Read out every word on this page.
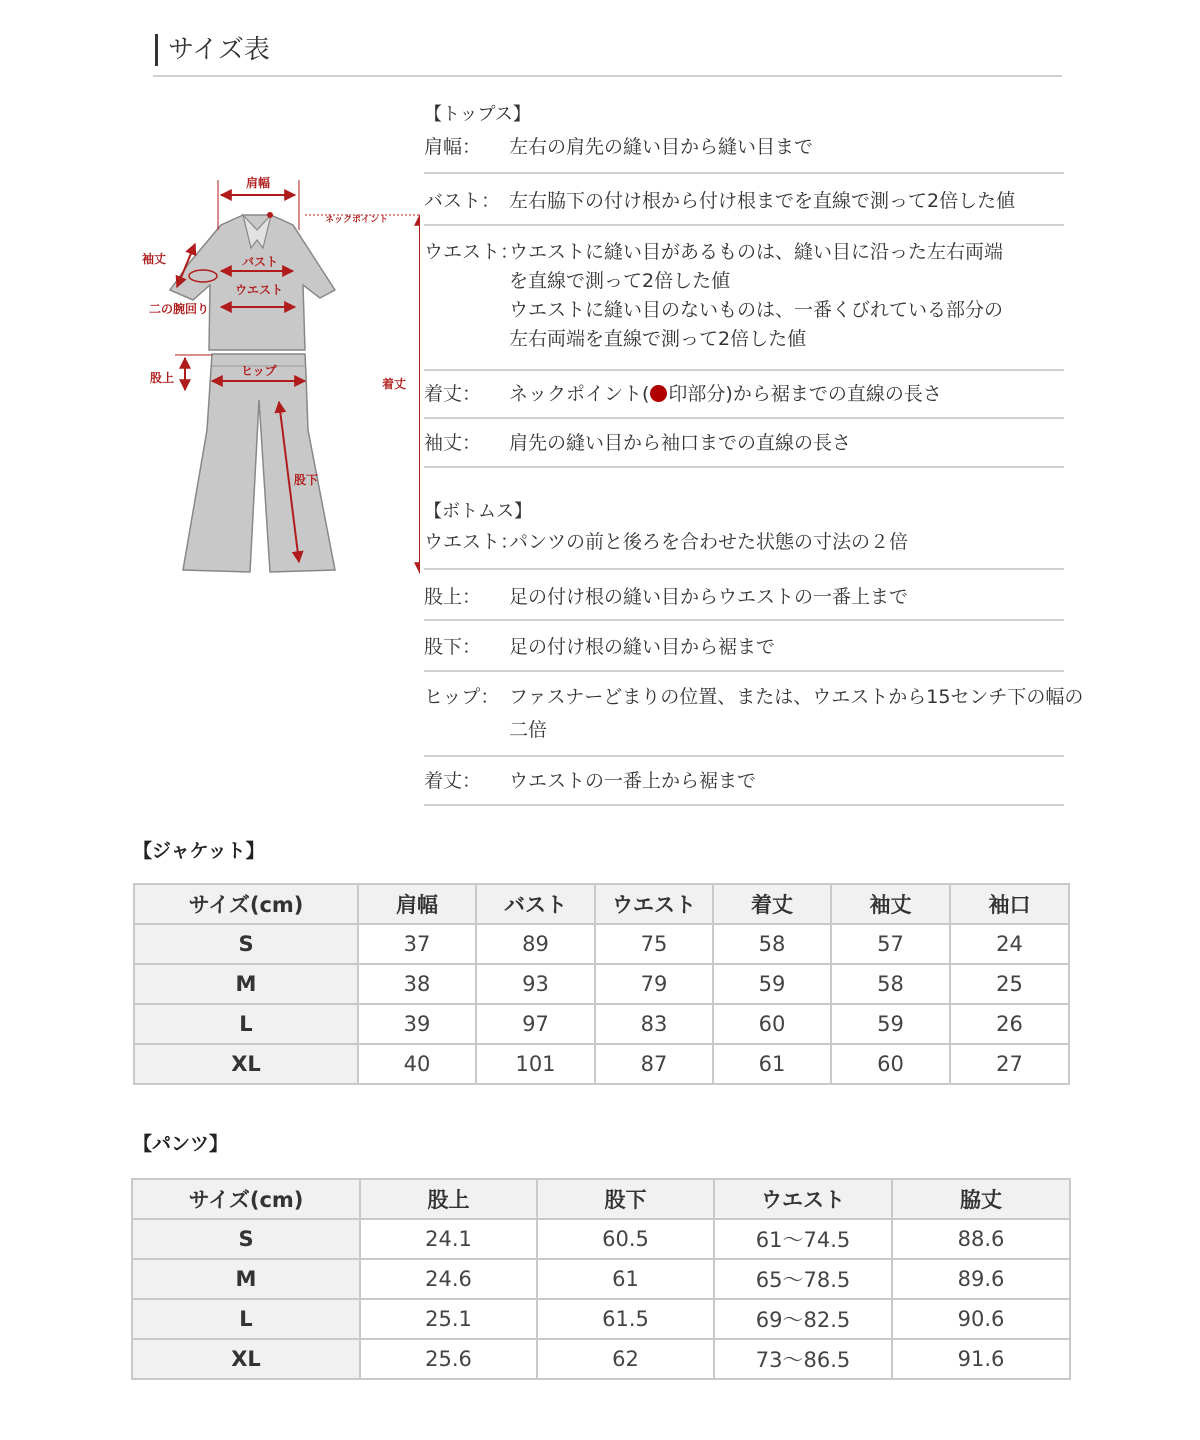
サイズ表
肩幅
ネックポイント
袖丈	バスト
ウエスト
二の腕回り
股上	ヒップ
着丈
股下
【トップス】
肩幅：	左右の肩先の縫い目から縫い目まで
バスト： 左右脇下の付け根から付け根までを直線で測って2倍した値
ウエスト：
ウエストに縫い目があるものは、縫い目に沿った左右両端
を直線で測って2倍した値
ウエストに縫い目のないものは、一番くびれている部分の
左右両端を直線で測って2倍した値
着丈：	ネックポイント( 印部分)から裾までの直線の長さ
袖丈：	肩先の縫い目から袖口までの直線の長さ
【ボトムス】
ウエスト：
パンツの前と後ろを合わせた状態の寸法の２倍
股上：	足の付け根の縫い目からウエストの一番上まで
股下：	足の付け根の縫い目から裾まで
ヒップ： ファスナーどまりの位置、または、ウエストから15センチ下の幅の
二倍
着丈：	ウエストの一番上から裾まで
【ジャケット】
サイズ(cm)	肩幅	バスト	ウエスト	着丈	袖丈	袖口
S	37	89	75	58	57	24
M	38	93	79	59	58	25
L	39	97	83	60	59	26
XL	40	101	87	61	60	27
【パンツ】
サイズ(cm)	股上	股下	ウエスト	脇丈
S	24.1	60.5	61〜74.5	88.6
M	24.6	61	65〜78.5	89.6
L	25.1	61.5	69〜82.5	90.6
XL	25.6	62	73〜86.5	91.6
